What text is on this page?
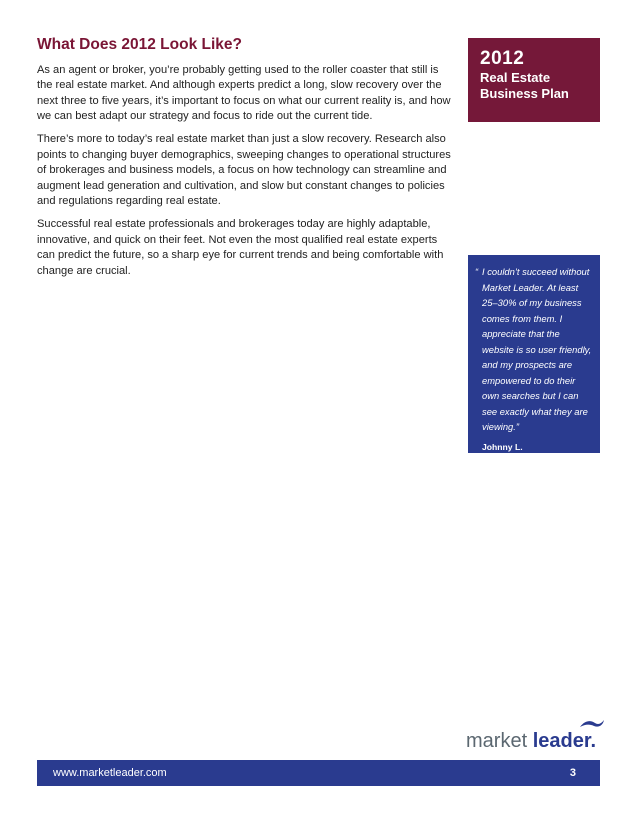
What Does 2012 Look Like?

As an agent or broker, you’re probably getting used to the roller coaster that still is the real estate market. And although experts predict a long, slow recovery over the next three to five years, it’s important to focus on what our current reality is, and how we can best adapt our strategy and focus to ride out the current tide.

There’s more to today’s real estate market than just a slow recovery. Research also points to changing buyer demographics, sweeping changes to operational structures of brokerages and business models, a focus on how technology can streamline and augment lead generation and cultivation, and slow but constant changes to policies and regulations regarding real estate.

Successful real estate professionals and brokerages today are highly adaptable, innovative, and quick on their feet. Not even the most qualified real estate experts can predict the future, so a sharp eye for current trends and being comfortable with change are crucial.

2012
Real Estate
Business Plan
“ I couldn’t succeed without Market Leader. At least 25–30% of my business comes from them. I appreciate that the website is so user friendly, and my prospects are empowered to do their own searches but I can see exactly what they are viewing.”
Johnny L.
EXIT Realty, Tampa, FL
market leader.
www.marketleader.com	3
